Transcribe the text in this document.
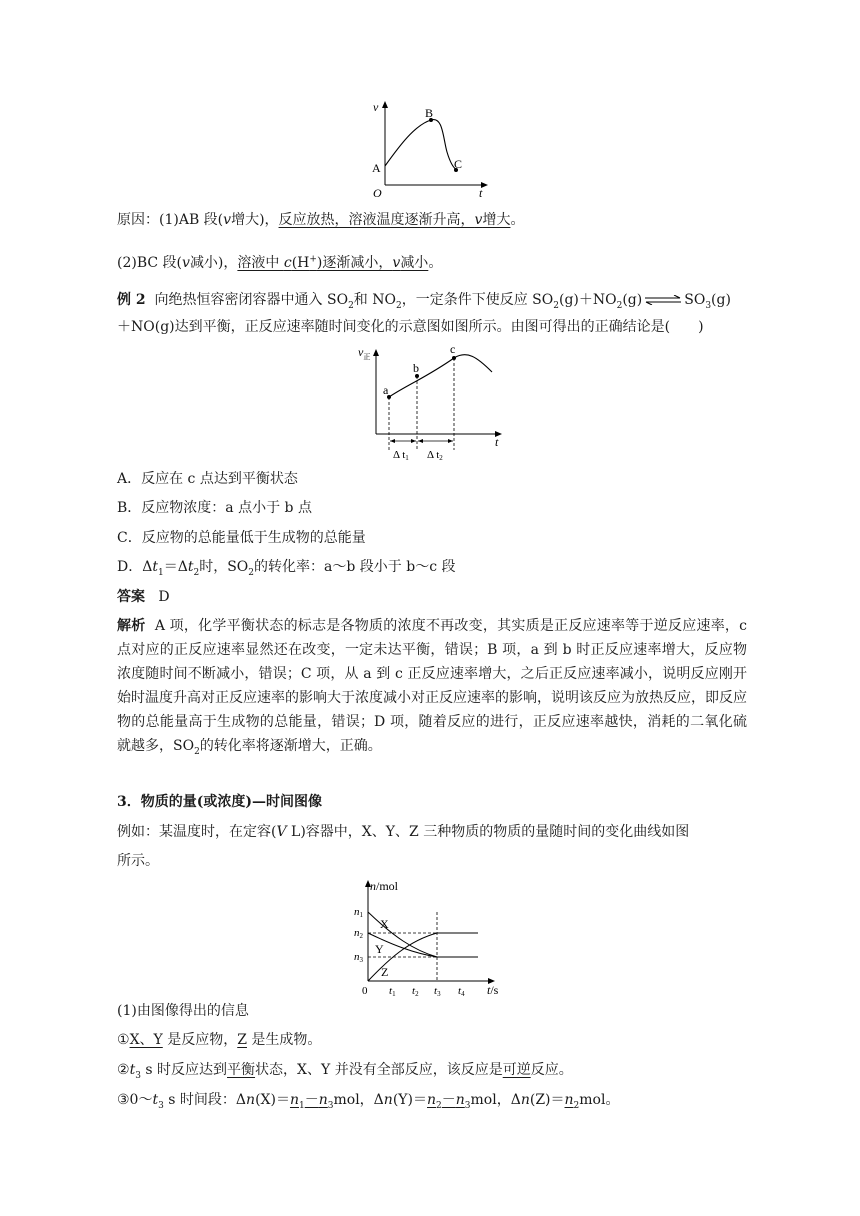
v
t
O
A
B
C
原因：(1)AB 段(v增大)，反应放热，溶液温度逐渐升高，v增大。
(2)BC 段(v减小)，溶液中 c(H+)逐渐减小，v减小。
例 2 向绝热恒容密闭容器中通入 $SO_2$和 $NO_2$，一定条件下使反应 $SO_2(g)+NO_2(g)$ ⇌ $SO_3(g)$
＋NO(g)达到平衡，正反应速率随时间变化的示意图如图所示。由图可得出的正确结论是(　　)
$v_正$
t
a
b
c
Δ t1 Δ t2
A．反应在 c 点达到平衡状态
B．反应物浓度：a 点小于 b 点
C．反应物的总能量低于生成物的总能量
D．$\Delta t_1=\Delta t_2$时，$SO_2$的转化率：a～b 段小于 b～c 段
答案 D
解析 A 项，化学平衡状态的标志是各物质的浓度不再改变，其实质是正反应速率等于逆反应速率，c 点对应的正反应速率显然还在改变，一定未达平衡，错误；B 项，a 到 b 时正反应速率增大，反应物浓度随时间不断减小，错误；C 项，从 a 到 c 正反应速率增大，之后正反应速率减小，说明反应刚开始时温度升高对正反应速率的影响大于浓度减小对正反应速率的影响，说明该反应为放热反应，即反应物的总能量高于生成物的总能量，错误；D 项，随着反应的进行，正反应速率越快，消耗的二氧化硫就越多，$SO_2$的转化率将逐渐增大，正确。
3．物质的量(或浓度)—时间图像
例如：某温度时，在定容(V L)容器中，X、Y、Z 三种物质的物质的量随时间的变化曲线如图
所示。
n/mol
t/s
0
n1
n2
n3
t1 t2 t3 t4
X
Y
Z
(1)由图像得出的信息
①X、Y 是反应物，Z 是生成物。
$②t_3$ s 时反应达到平衡状态，X、Y 并没有全部反应，该反应是可逆反应。
$③0\sim t_3$ s 时间段：$\Delta n(X)=n_1-n_3mol$，$\Delta n(Y)=n_2-n_3mol$，$\Delta n(Z)=n_2mol$。
